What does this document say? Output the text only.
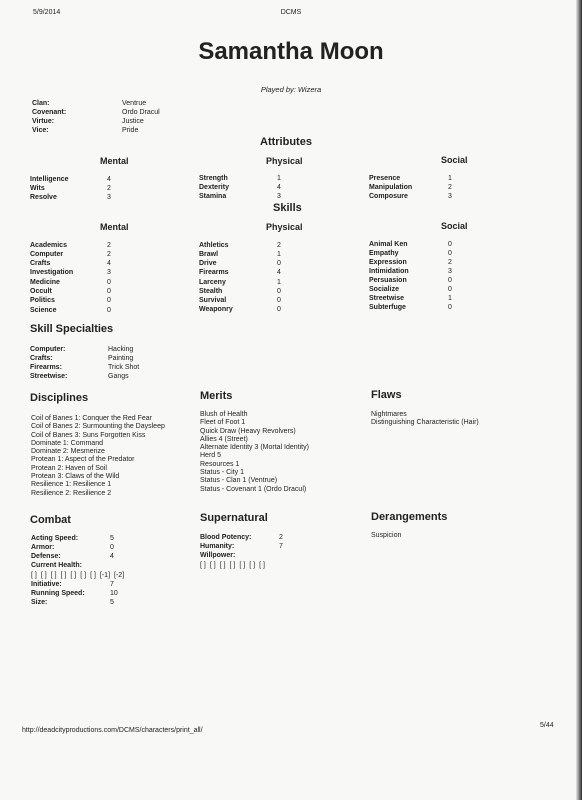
5/9/2014	DCMS
Samantha Moon
Played by: Wizera
Clan:	Ventrue
Covenant:	Ordo Dracul
Virtue:	Justice
Vice:	Pride
Attributes
Mental	Physical	Social
Intelligence	4
Wits	2
Resolve	3
Strength	1
Dexterity	4
Stamina	3
Presence	1
Manipulation	2
Composure	3
Skills
Mental	Physical	Social
Academics	2
Computer	2
Crafts	4
Investigation	3
Medicine	0
Occult	0
Politics	0
Science	0
Athletics	2
Brawl	1
Drive	0
Firearms	4
Larceny	1
Stealth	0
Survival	0
Weaponry	0
Animal Ken	0
Empathy	0
Expression	2
Intimidation	3
Persuasion	0
Socialize	0
Streetwise	1
Subterfuge	0
Skill Specialties
Computer:	Hacking
Crafts:	Painting
Firearms:	Trick Shot
Streetwise:	Gangs
Disciplines	Merits	Flaws
Coil of Banes 1: Conquer the Red Fear
Coil of Banes 2: Surmounting the Daysleep
Coil of Banes 3: Suns Forgotten Kiss
Dominate 1: Command
Dominate 2: Mesmerize
Protean 1: Aspect of the Predator
Protean 2: Haven of Soil
Protean 3: Claws of the Wild
Resilience 1: Resilience 1
Resilience 2: Resilience 2
Blush of Health
Fleet of Foot 1
Quick Draw (Heavy Revolvers)
Allies 4 (Street)
Alternate Identity 3 (Mortal Identity)
Herd 5
Resources 1
Status - City 1
Status - Clan 1 (Ventrue)
Status - Covenant 1 (Ordo Dracul)
Nightmares
Distinguishing Characteristic (Hair)
Combat	Supernatural	Derangements
Acting Speed:	5
Armor:	0
Defense:	4
Current Health:
[ ] [ ] [ ] [ ] [ ] [ ] [ ] [-1] [-2]
Initiative:	7
Running Speed:	10
Size:	5
Blood Potency:	2
Humanity:	7
Willpower:
[ ] [ ] [ ] [ ] [ ] [ ] [ ]
Suspicion
http://deadcityproductions.com/DCMS/characters/print_all/
5/44
